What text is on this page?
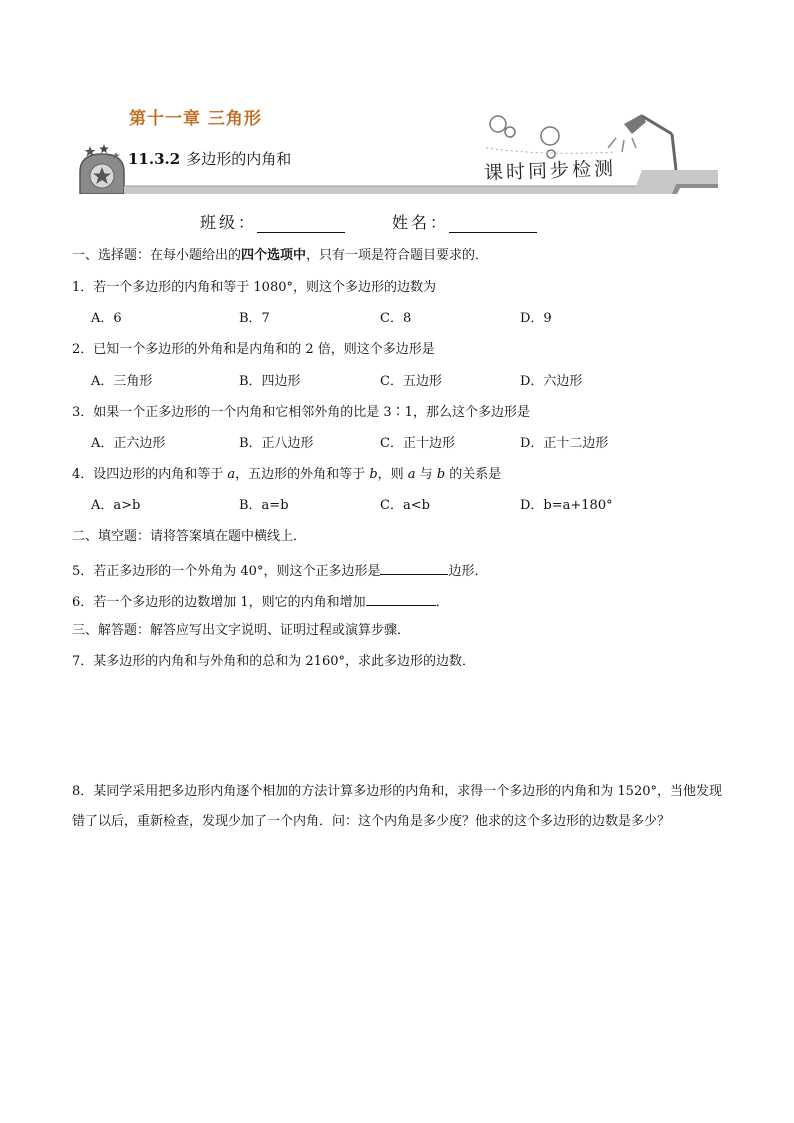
第十一章 三角形
11.3.2 多边形的内角和	课时同步检测
班级：	姓名：
一、选择题：在每小题给出的四个选项中，只有一项是符合题目要求的．
1．若一个多边形的内角和等于 1080°，则这个多边形的边数为
A．6	B．7	C．8	D．9
2．已知一个多边形的外角和是内角和的 2 倍，则这个多边形是
A．三角形	B．四边形	C．五边形	D．六边形
3．如果一个正多边形的一个内角和它相邻外角的比是 3∶1，那么这个多边形是
A．正六边形	B．正八边形	C．正十边形	D．正十二边形
4．设四边形的内角和等于 a，五边形的外角和等于 b，则 a 与 b 的关系是
A．a>b	B．a=b	C．a<b	D．b=a+180°
二、填空题：请将答案填在题中横线上．
5．若正多边形的一个外角为 40°，则这个正多边形是	边形．
6．若一个多边形的边数增加 1，则它的内角和增加	．
三、解答题：解答应写出文字说明、证明过程或演算步骤．
7．某多边形的内角和与外角和的总和为 2160°，求此多边形的边数．
8．某同学采用把多边形内角逐个相加的方法计算多边形的内角和，求得一个多边形的内角和为 1520°，当他发现错了以后，重新检查，发现少加了一个内角．问：这个内角是多少度？他求的这个多边形的边数是多少？
